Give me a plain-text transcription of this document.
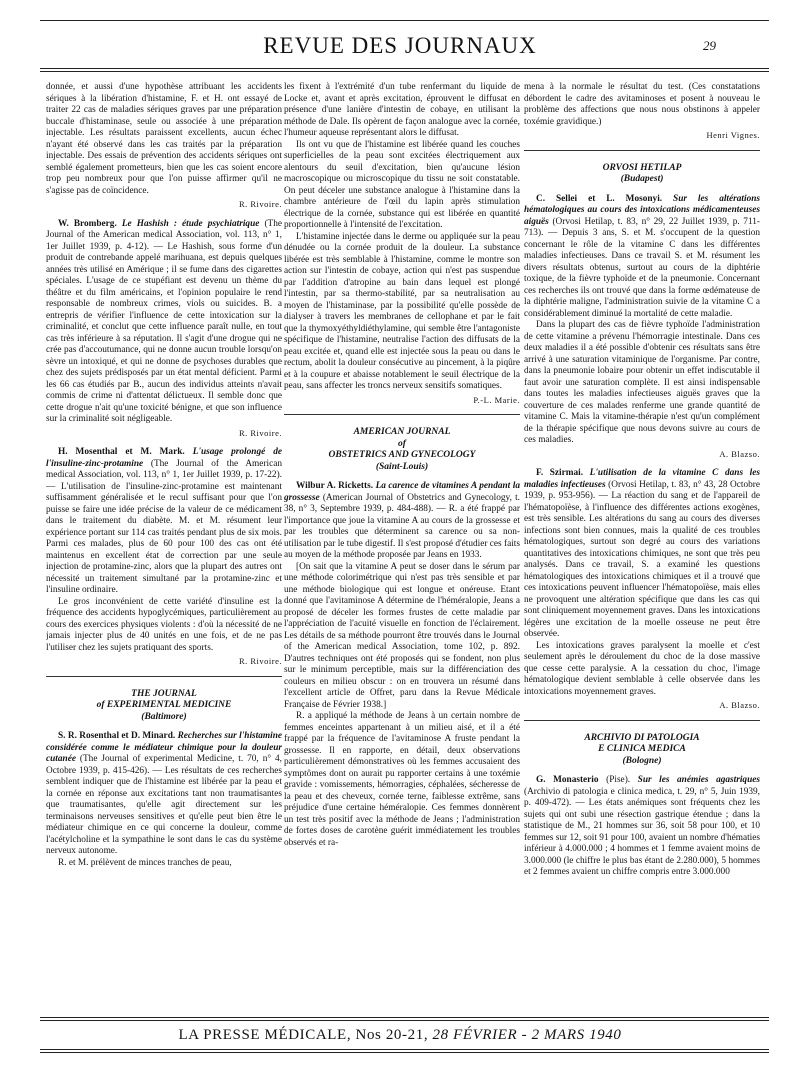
REVUE DES JOURNAUX	29

donnée, et aussi d'une hypothèse attribuant les accidents sériques à la libération d'histamine, F. et H. ont essayé de traiter 22 cas de maladies sériques graves par une préparation buccale d'histaminase, seule ou associée à une préparation injectable. Les résultats paraissent excellents, aucun échec n'ayant été observé dans les cas traités par la préparation injectable. Des essais de prévention des accidents sériques ont semblé également prometteurs, bien que les cas soient encore trop peu nombreux pour que l'on puisse affirmer qu'il ne s'agisse pas de coïncidence.

R. Rivoire.

W. Bromberg. Le Hashish : étude psychiatrique (The Journal of the American medical Association, vol. 113, n° 1, 1er Juillet 1939, p. 4-12). — Le Hashish, sous forme d'un produit de contrebande appelé marihuana, est depuis quelques années très utilisé en Amérique ; il se fume dans des cigarettes spéciales. L'usage de ce stupéfiant est devenu un thème du théâtre et du film américains, et l'opinion populaire le rend responsable de nombreux crimes, viols ou suicides. B. a entrepris de vérifier l'influence de cette intoxication sur la criminalité, et conclut que cette influence paraît nulle, en tout cas très inférieure à sa réputation. Il s'agit d'une drogue qui ne crée pas d'accoutumance, qui ne donne aucun trouble lorsqu'on sèvre un intoxiqué, et qui ne donne de psychoses durables que chez des sujets prédisposés par un état mental déficient. Parmi les 66 cas étudiés par B., aucun des individus atteints n'avait commis de crime ni d'attentat délictueux. Il semble donc que cette drogue n'ait qu'une toxicité bénigne, et que son influence sur la criminalité soit négligeable.

R. Rivoire.

H. Mosenthal et M. Mark. L'usage prolongé de l'insuline-zinc-protamine (The Journal of the American medical Association, vol. 113, n° 1, 1er Juillet 1939, p. 17-22). — L'utilisation de l'insuline-zinc-protamine est maintenant suffisamment généralisée et le recul suffisant pour que l'on puisse se faire une idée précise de la valeur de ce médicament dans le traitement du diabète. M. et M. résument leur expérience portant sur 114 cas traités pendant plus de six mois. Parmi ces malades, plus de 60 pour 100 des cas ont été maintenus en excellent état de correction par une seule injection de protamine-zinc, alors que la plupart des autres ont nécessité un traitement simultané par la protamine-zinc et l'insuline ordinaire.

Le gros inconvénient de cette variété d'insuline est la fréquence des accidents hypoglycémiques, particulièrement au cours des exercices physiques violents : d'où la nécessité de ne jamais injecter plus de 40 unités en une fois, et de ne pas l'utiliser chez les sujets pratiquant des sports.

R. Rivoire.
THE JOURNAL
of EXPERIMENTAL MEDICINE
(Baltimore)

S. R. Rosenthal et D. Minard. Recherches sur l'histamine considérée comme le médiateur chimique pour la douleur cutanée (The Journal of experimental Medicine, t. 70, n° 4, Octobre 1939, p. 415-426). — Les résultats de ces recherches semblent indiquer que de l'histamine est libérée par la peau et la cornée en réponse aux excitations tant non traumatisantes que traumatisantes, qu'elle agit directement sur les terminaisons nerveuses sensitives et qu'elle peut bien être le médiateur chimique en ce qui concerne la douleur, comme l'acétylcholine et la sympathine le sont dans le cas du système nerveux autonome.

R. et M. prélèvent de minces tranches de peau,

les fixent à l'extrémité d'un tube renfermant du liquide de Locke et, avant et après excitation, éprouvent le diffusat en présence d'une lanière d'intestin de cobaye, en utilisant la méthode de Dale. Ils opèrent de façon analogue avec la cornée, l'humeur aqueuse représentant alors le diffusat.

Ils ont vu que de l'histamine est libérée quand les couches superficielles de la peau sont excitées électriquement aux alentours du seuil d'excitation, bien qu'aucune lésion macroscopique ou microscopique du tissu ne soit constatable. On peut déceler une substance analogue à l'histamine dans la chambre antérieure de l'œil du lapin après stimulation électrique de la cornée, substance qui est libérée en quantité proportionnelle à l'intensité de l'excitation.

L'histamine injectée dans le derme ou appliquée sur la peau dénudée ou la cornée produit de la douleur. La substance libérée est très semblable à l'histamine, comme le montre son action sur l'intestin de cobaye, action qui n'est pas suspendue par l'addition d'atropine au bain dans lequel est plongé l'intestin, par sa thermo-stabilité, par sa neutralisation au moyen de l'histaminase, par la possibilité qu'elle possède de dialyser à travers les membranes de cellophane et par le fait que la thymoxyéthyldiéthylamine, qui semble être l'antagoniste spécifique de l'histamine, neutralise l'action des diffusats de la peau excitée et, quand elle est injectée sous la peau ou dans le rectum, abolit la douleur consécutive au pincement, à la piqûre et à la coupure et abaisse notablement le seuil électrique de la peau, sans affecter les troncs nerveux sensitifs somatiques.

P.-L. Marie.
AMERICAN JOURNAL
of
OBSTETRICS AND GYNECOLOGY
(Saint-Louis)

Wilbur A. Ricketts. La carence de vitamines A pendant la grossesse (American Journal of Obstetrics and Gynecology, t. 38, n° 3, Septembre 1939, p. 484-488). — R. a été frappé par l'importance que joue la vitamine A au cours de la grossesse et par les troubles que déterminent sa carence ou sa non-utilisation par le tube digestif. Il s'est proposé d'étudier ces faits au moyen de la méthode proposée par Jeans en 1933.

[On sait que la vitamine A peut se doser dans le sérum par une méthode colorimétrique qui n'est pas très sensible et par une méthode biologique qui est longue et onéreuse. Etant donné que l'avitaminose A détermine de l'héméralopie, Jeans a proposé de déceler les formes frustes de cette maladie par l'appréciation de l'acuité visuelle en fonction de l'éclairement. Les détails de sa méthode pourront être trouvés dans le Journal of the American medical Association, tome 102, p. 892. D'autres techniques ont été proposés qui se fondent, non plus sur le minimum perceptible, mais sur la différenciation des couleurs en milieu obscur : on en trouvera un résumé dans l'excellent article de Offret, paru dans la Revue Médicale Française de Février 1938.]

R. a appliqué la méthode de Jeans à un certain nombre de femmes enceintes appartenant à un milieu aisé, et il a été frappé par la fréquence de l'avitaminose A fruste pendant la grossesse. Il en rapporte, en détail, deux observations particulièrement démonstratives où les femmes accusaient des symptômes dont on aurait pu rapporter certains à une toxémie gravide : vomissements, hémorragies, céphalées, sécheresse de la peau et des cheveux, cornée terne, faiblesse extrême, sans préjudice d'une certaine héméralopie. Ces femmes donnèrent un test très positif avec la méthode de Jeans ; l'administration de fortes doses de carotène guérit immédiatement les troubles observés et ra-

mena à la normale le résultat du test. (Ces constatations débordent le cadre des avitaminoses et posent à nouveau le problème des affections que nous nous obstinons à appeler toxémie gravidique.)

Henri Vignes.
ORVOSI HETILAP
(Budapest)

C. Sellei et L. Mosonyi. Sur les altérations hématologiques au cours des intoxications médicamenteuses aiguës (Orvosi Hetilap, t. 83, n° 29, 22 Juillet 1939, p. 711-713). — Depuis 3 ans, S. et M. s'occupent de la question concernant le rôle de la vitamine C dans les différentes maladies infectieuses. Dans ce travail S. et M. résument les divers résultats obtenus, surtout au cours de la diphtérie toxique, de la fièvre typhoïde et de la pneumonie. Concernant ces recherches ils ont trouvé que dans la forme œdémateuse de la diphtérie maligne, l'administration suivie de la vitamine C a considérablement diminué la mortalité de cette maladie.

Dans la plupart des cas de fièvre typhoïde l'administration de cette vitamine a prévenu l'hémorragie intestinale. Dans ces deux maladies il a été possible d'obtenir ces résultats sans être arrivé à une saturation vitaminique de l'organisme. Par contre, dans la pneumonie lobaire pour obtenir un effet indiscutable il faut avoir une saturation complète. Il est ainsi indispensable dans toutes les maladies infectieuses aiguës graves que la couverture de ces malades renferme une grande quantité de vitamine C. Mais la vitamine-thérapie n'est qu'un complément de la thérapie spécifique que nous devons suivre au cours de ces maladies.

A. Blazso.

F. Szirmai. L'utilisation de la vitamine C dans les maladies infectieuses (Orvosi Hetilap, t. 83, n° 43, 28 Octobre 1939, p. 953-956). — La réaction du sang et de l'appareil de l'hématopoïèse, à l'influence des différentes actions exogènes, est très sensible. Les altérations du sang au cours des diverses infections sont bien connues, mais la qualité de ces troubles hématologiques, surtout son degré au cours des variations quantitatives des intoxications chimiques, ne sont que très peu analysés. Dans ce travail, S. a examiné les questions hématologiques des intoxications chimiques et il a trouvé que ces intoxications peuvent influencer l'hématopoïèse, mais elles ne provoquent une altération spécifique que dans les cas qui sont cliniquement moyennement graves. Dans les intoxications légères une excitation de la moelle osseuse ne peut être observée.

Les intoxications graves paralysent la moelle et c'est seulement après le déroulement du choc de la dose massive que cesse cette paralysie. A la cessation du choc, l'image hématologique devient semblable à celle observée dans les intoxications moyennement graves.

A. Blazso.
ARCHIVIO DI PATOLOGIA
E CLINICA MEDICA
(Bologne)

G. Monasterio (Pise). Sur les anémies agastriques (Archivio di patologia e clinica medica, t. 29, n° 5, Juin 1939, p. 409-472). — Les états anémiques sont fréquents chez les sujets qui ont subi une résection gastrique étendue ; dans la statistique de M., 21 hommes sur 36, soit 58 pour 100, et 10 femmes sur 12, soit 91 pour 100, avaient un nombre d'hématies inférieur à 4.000.000 ; 4 hommes et 1 femme avaient moins de 3.000.000 (le chiffre le plus bas étant de 2.280.000), 5 hommes et 2 femmes avaient un chiffre compris entre 3.000.000

LA PRESSE MÉDICALE, Nos 20-21, 28 FÉVRIER - 2 MARS 1940
